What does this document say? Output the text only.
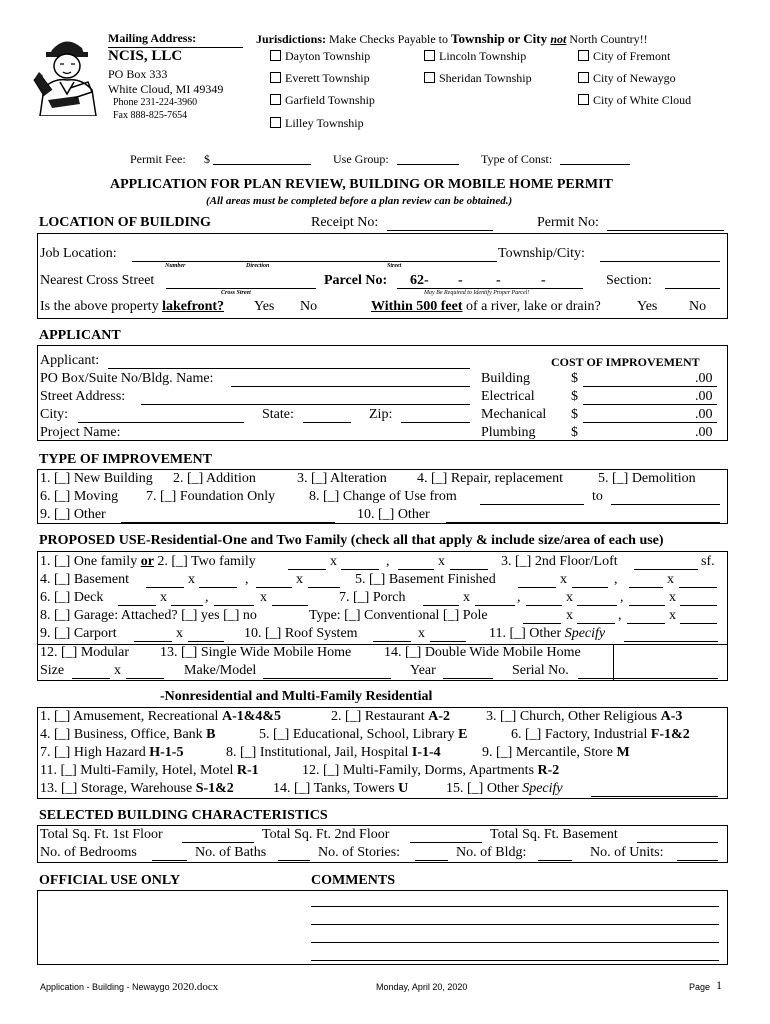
Mailing Address:
NCIS, LLC
PO Box 333
White Cloud, MI 49349
Phone 231-224-3960
Fax 888-825-7654
Jurisdictions: Make Checks Payable to Township or City not North Country!!
Dayton Township
Everett Township
Garfield Township
Lilley Township
Lincoln Township
Sheridan Township
City of Fremont
City of Newaygo
City of White Cloud
Permit Fee: $	Use Group:	Type of Const:
APPLICATION FOR PLAN REVIEW, BUILDING OR MOBILE HOME PERMIT
(All areas must be completed before a plan review can be obtained.)
LOCATION OF BUILDING	Receipt No:	Permit No:
Job Location:	Township/City:
Number	Direction	Street
Nearest Cross Street	Parcel No: 62- - -	-	Section:
Cross Street	May Be Required to Identify Proper Parcel!
Is the above property lakefront? Yes No	Within 500 feet of a river, lake or drain?	Yes No
APPLICANT
Applicant:
PO Box/Suite No/Bldg. Name:
Street Address:
City:	State:	Zip:
Project Name:
COST OF IMPROVEMENT
Building	$	.00
Electrical	$	.00
Mechanical $	.00
Plumbing	$	.00
TYPE OF IMPROVEMENT
1. [_] New Building 2. [_] Addition	3. [_] Alteration 4. [_] Repair, replacement	5. [_] Demolition
6. [_] Moving 7. [_] Foundation Only 8. [_] Change of Use from	to
9. [_] Other	10. [_] Other
PROPOSED USE-Residential-One and Two Family (check all that apply & include size/area of each use)
1. [_] One family or 2. [_] Two family	x	,	x	3. [_] 2nd Floor/Loft	sf.
4. [_] Basement	x	,	x	5. [_] Basement Finished	x	,	x
6. [_] Deck	x	,	x	7. [_] Porch	x	,	x	,	x
8. [_] Garage: Attached? [_] yes [_] no	Type: [_] Conventional [_] Pole	x	,	x
9. [_] Carport	x	10. [_] Roof System	x	11. [_] Other Specify
12. [_] Modular 13. [_] Single Wide Mobile Home 14. [_] Double Wide Mobile Home
Size	x	Make/Model	Year	Serial No.
-Nonresidential and Multi-Family Residential
1. [_] Amusement, Recreational A-1&4&5	2. [_] Restaurant A-2	3. [_] Church, Other Religious A-3
4. [_] Business, Office, Bank B	5. [_] Educational, School, Library E	6. [_] Factory, Industrial F-1&2
7. [_] High Hazard H-1-5	8. [_] Institutional, Jail, Hospital I-1-4	9. [_] Mercantile, Store M
11. [_] Multi-Family, Hotel, Motel R-1	12. [_] Multi-Family, Dorms, Apartments R-2
13. [_] Storage, Warehouse S-1&2	14. [_] Tanks, Towers U	15. [_] Other Specify
SELECTED BUILDING CHARACTERISTICS
Total Sq. Ft. 1st Floor	Total Sq. Ft. 2nd Floor	Total Sq. Ft. Basement
No. of Bedrooms	No. of Baths	No. of Stories:	No. of Bldg:	No. of Units:
OFFICIAL USE ONLY	COMMENTS
Application - Building - Newaygo 2020.docx	Monday, April 20, 2020	Page 1
